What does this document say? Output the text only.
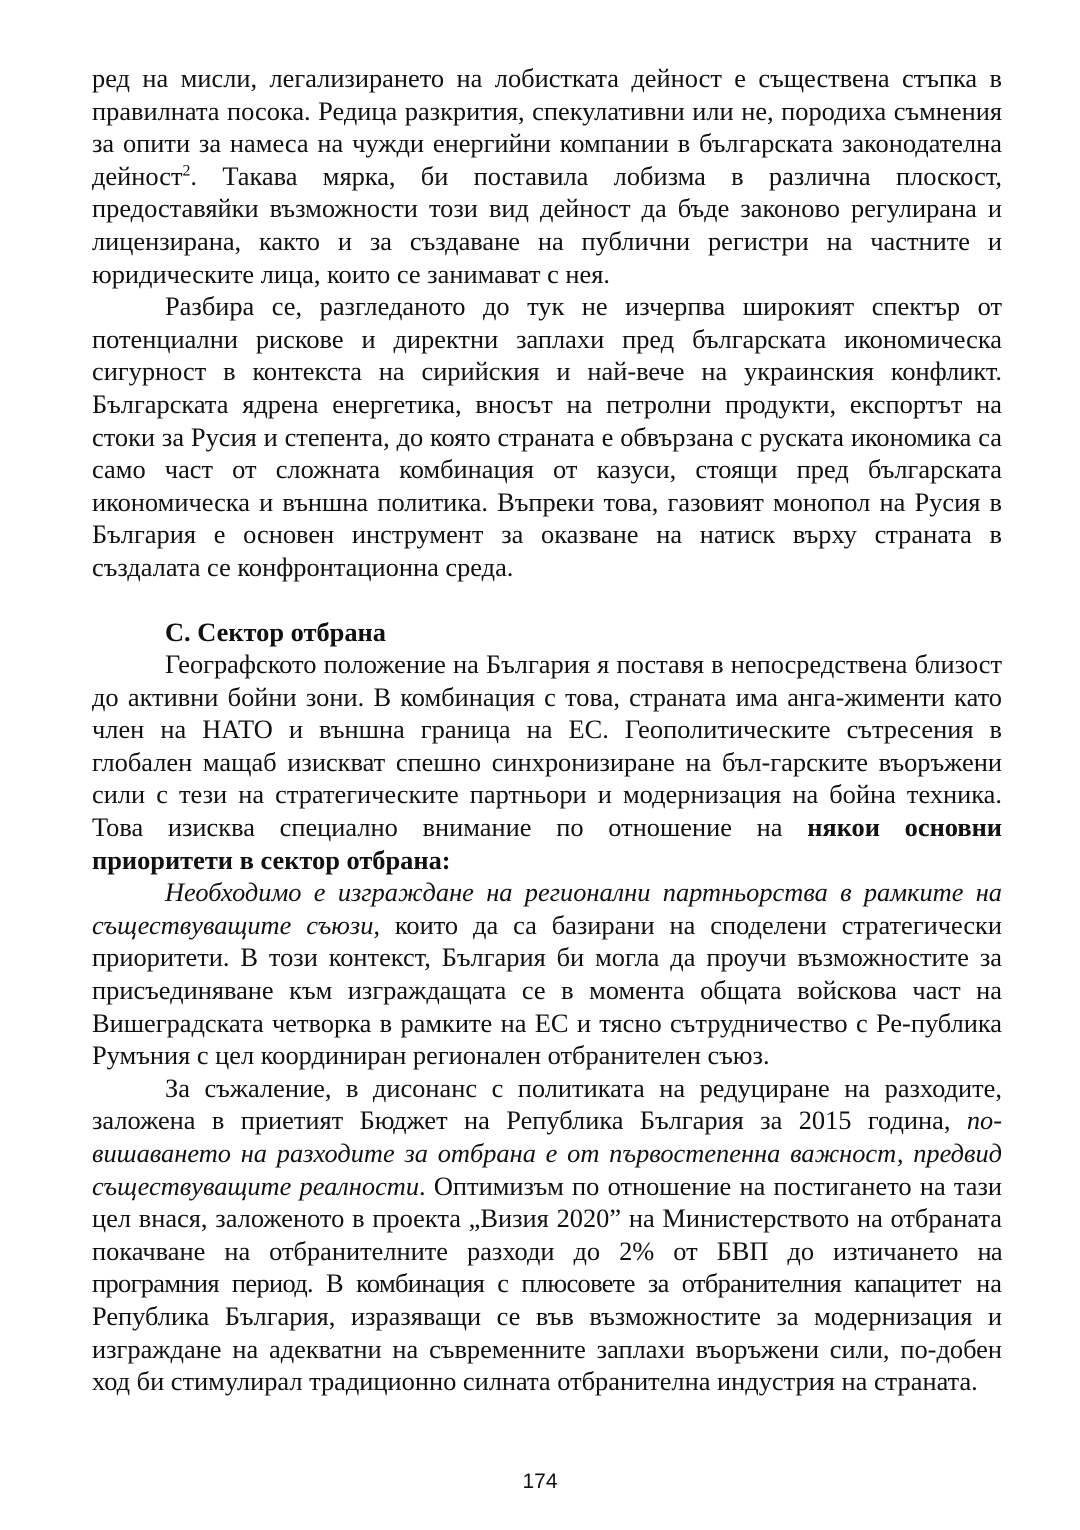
ред на мисли, легализирането на лобистката дейност е съществена стъпка в правилната посока. Редица разкрития, спекулативни или не, породиха съмнения за опити за намеса на чужди енергийни компании в българската законодателна дейност$^2$. Такава мярка, би поставила лобизма в различна плоскост, предоставяйки възможности този вид дейност да бъде законово регулирана и лицензирана, както и за създаване на публични регистри на частните и юридическите лица, които се занимават с нея.

Разбира се, разгледаното до тук не изчерпва широкият спектър от потенциални рискове и директни заплахи пред българската икономическа сигурност в контекста на сирийския и най-вече на украинския конфликт. Българската ядрена енергетика, вносът на петролни продукти, експортът на стоки за Русия и степента, до която страната е обвързана с руската икономика са само част от сложната комбинация от казуси, стоящи пред българската икономическа и външна политика. Въпреки това, газовият монопол на Русия в България е основен инструмент за оказване на натиск върху страната в създалата се конфронтационна среда.

С. Сектор отбрана

Географското положение на България я поставя в непосредствена близост до активни бойни зони. В комбинация с това, страната има анга-жименти като член на НАТО и външна граница на ЕС. Геополитическите сътресения в глобален мащаб изискват спешно синхронизиране на бъл-гарските въоръжени сили с тези на стратегическите партньори и модернизация на бойна техника. Това изисква специално внимание по отношение на някои основни приоритети в сектор отбрана:

Необходимо е изграждане на регионални партньорства в рамките на съществуващите съюзи, които да са базирани на споделени стратегически приоритети. В този контекст, България би могла да проучи възможностите за присъединяване към изграждащата се в момента общата войскова част на Вишеградската четворка в рамките на ЕС и тясно сътрудничество с Ре-публика Румъния с цел координиран регионален отбранителен съюз.

За съжаление, в дисонанс с политиката на редуциране на разходите, заложена в приетият Бюджет на Република България за 2015 година, по-вишаването на разходите за отбрана е от първостепенна важност, предвид съществуващите реалности. Оптимизъм по отношение на постигането на тази цел внася, заложеното в проекта „Визия 2020” на Министерството на отбраната покачване на отбранителните разходи до 2% от БВП до изтичането на програмния период. В комбинация с плюсовете за отбранителния капацитет на Република България, изразяващи се във възможностите за модернизация и изграждане на адекватни на съвременните заплахи въоръжени сили, по-добен ход би стимулирал традиционно силната отбранителна индустрия на страната.

174
